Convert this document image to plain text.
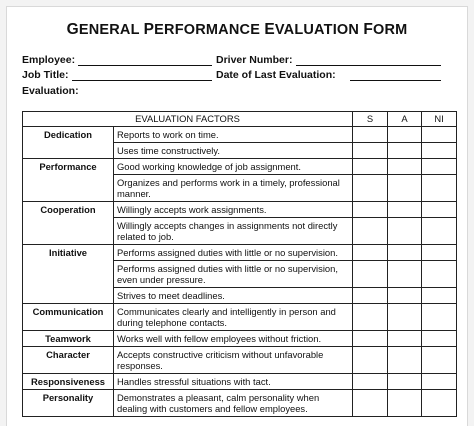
GENERAL PERFORMANCE EVALUATION FORM
Employee:	Driver Number:
Job Title:	Date of Last Evaluation:
Evaluation:
EVALUATION FACTORS		S	A	NI
Dedication	Reports to work on time.			
	Uses time constructively.			
Performance	Good working knowledge of job assignment.			
	Organizes and performs work in a timely, professional manner.			
Cooperation	Willingly accepts work assignments.			
	Willingly accepts changes in assignments not directly related to job.			
Initiative	Performs assigned duties with little or no supervision.			
	Performs assigned duties with little or no supervision, even under pressure.			
	Strives to meet deadlines.			
Communication	Communicates clearly and intelligently in person and during telephone contacts.			
Teamwork	Works well with fellow employees without friction.			
Character	Accepts constructive criticism without unfavorable responses.			
Responsiveness	Handles stressful situations with tact.			
Personality	Demonstrates a pleasant, calm personality when dealing with customers and fellow employees.			
